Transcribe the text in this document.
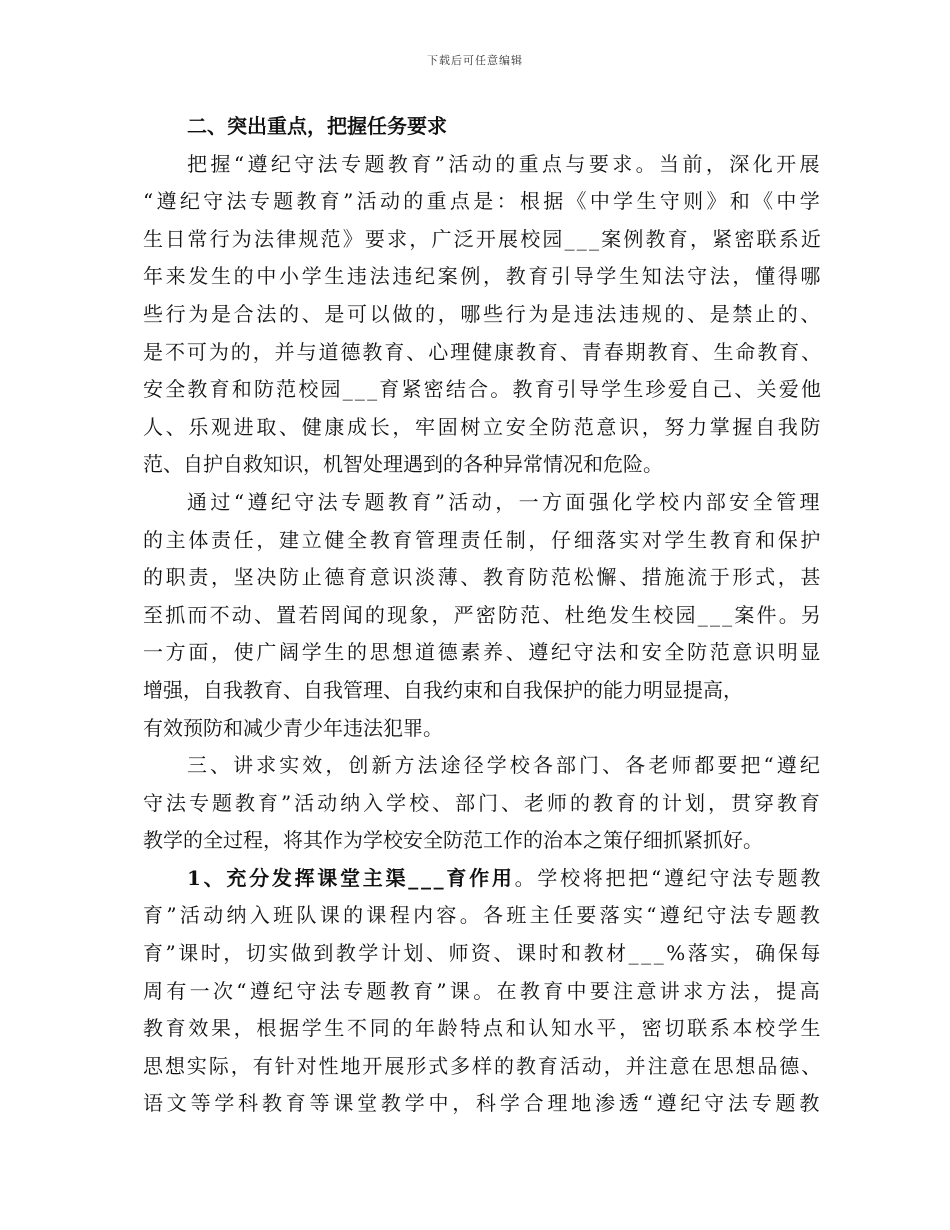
下载后可任意编辑
二、突出重点，把握任务要求
把握“遵纪守法专题教育”活动的重点与要求。当前，深化开展
“遵纪守法专题教育”活动的重点是：根据《中学生守则》和《中学
生日常行为法律规范》要求，广泛开展校园___案例教育，紧密联系近
年来发生的中小学生违法违纪案例，教育引导学生知法守法，懂得哪
些行为是合法的、是可以做的，哪些行为是违法违规的、是禁止的、
是不可为的，并与道德教育、心理健康教育、青春期教育、生命教育、
安全教育和防范校园___育紧密结合。教育引导学生珍爱自己、关爱他
人、乐观进取、健康成长，牢固树立安全防范意识，努力掌握自我防
范、自护自救知识，机智处理遇到的各种异常情况和危险。
通过“遵纪守法专题教育”活动，一方面强化学校内部安全管理
的主体责任，建立健全教育管理责任制，仔细落实对学生教育和保护
的职责，坚决防止德育意识淡薄、教育防范松懈、措施流于形式，甚
至抓而不动、置若罔闻的现象，严密防范、杜绝发生校园___案件。另
一方面，使广阔学生的思想道德素养、遵纪守法和安全防范意识明显
增强，自我教育、自我管理、自我约束和自我保护的能力明显提高，
有效预防和减少青少年违法犯罪。
三、讲求实效，创新方法途径学校各部门、各老师都要把“遵纪
守法专题教育”活动纳入学校、部门、老师的教育的计划，贯穿教育
教学的全过程，将其作为学校安全防范工作的治本之策仔细抓紧抓好。
1、充分发挥课堂主渠___育作用。学校将把把“遵纪守法专题教
育”活动纳入班队课的课程内容。各班主任要落实“遵纪守法专题教
育”课时，切实做到教学计划、师资、课时和教材___%落实，确保每
周有一次“遵纪守法专题教育”课。在教育中要注意讲求方法，提高
教育效果，根据学生不同的年龄特点和认知水平，密切联系本校学生
思想实际，有针对性地开展形式多样的教育活动，并注意在思想品德、
语文等学科教育等课堂教学中，科学合理地渗透“遵纪守法专题教
